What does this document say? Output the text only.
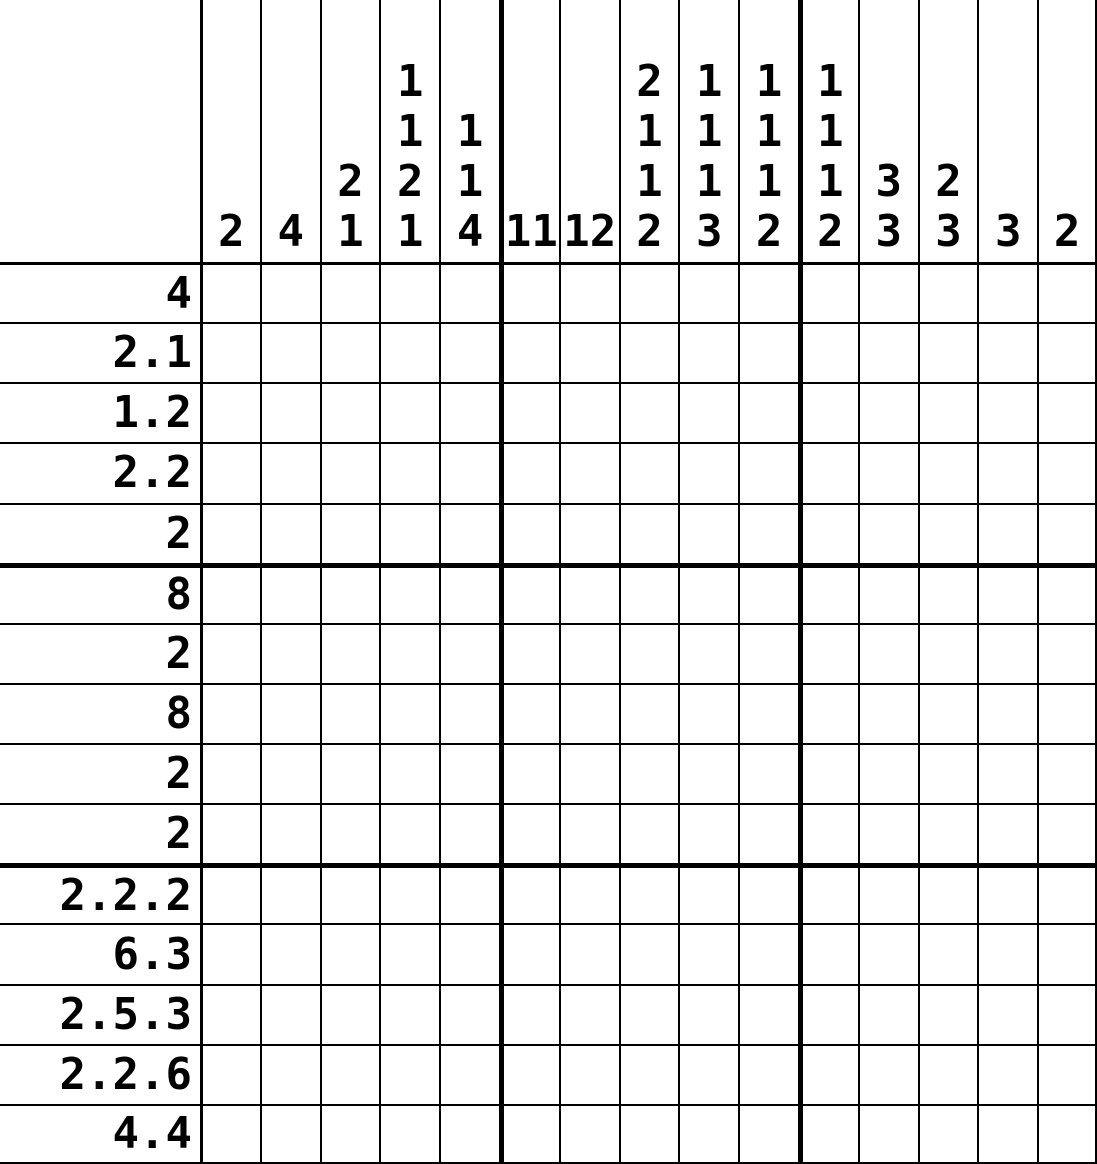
2 4
2
1
1
1
2
1
1
1
4 11 12
2
1
1
2
1
1
1
3
1
1
1
2
1
1
1
2
3
3
2
3 3 2
4
2.1
1.2
2.2
2
8
2
8
2
2
2.2.2
6.3
2.5.3
2.2.6
4.4
